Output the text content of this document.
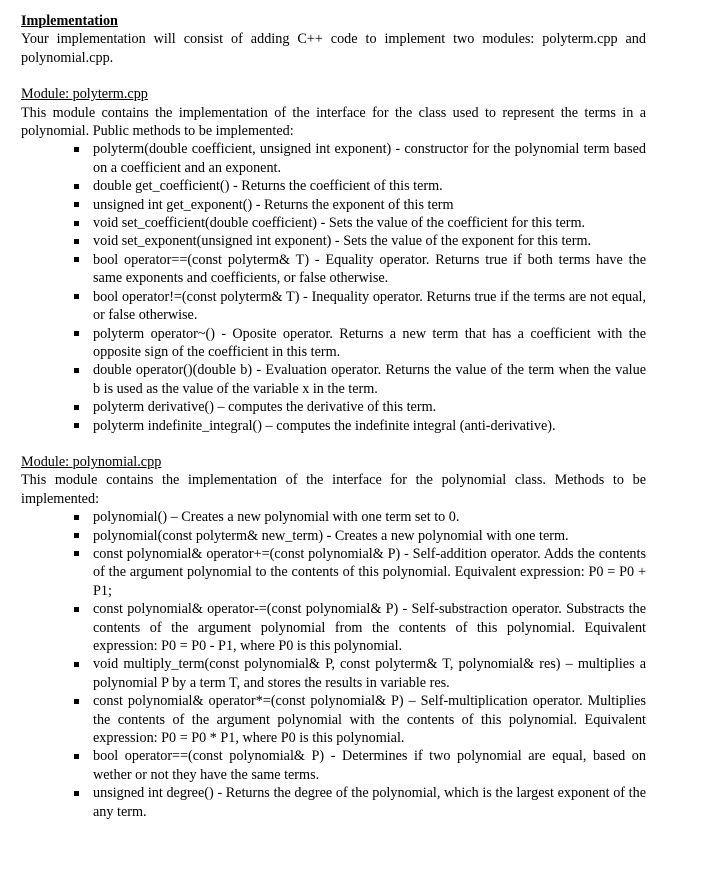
Implementation

Your implementation will consist of adding C++ code to implement two modules: polyterm.cpp and polynomial.cpp.

Module: polyterm.cpp

This module contains the implementation of the interface for the class used to represent the terms in a polynomial. Public methods to be implemented:

polyterm(double coefficient, unsigned int exponent) - constructor for the polynomial term based on a coefficient and an exponent.
double get_coefficient() - Returns the coefficient of this term.
unsigned int get_exponent() - Returns the exponent of this term
void set_coefficient(double coefficient) - Sets the value of the coefficient for this term.
void set_exponent(unsigned int exponent) - Sets the value of the exponent for this term.
bool operator==(const polyterm& T) - Equality operator. Returns true if both terms have the same exponents and coefficients, or false otherwise.
bool operator!=(const polyterm& T) - Inequality operator. Returns true if the terms are not equal, or false otherwise.
polyterm operator~() - Oposite operator. Returns a new term that has a coefficient with the opposite sign of the coefficient in this term.
double operator()(double b) - Evaluation operator. Returns the value of the term when the value b is used as the value of the variable x in the term.
polyterm derivative() – computes the derivative of this term.
polyterm indefinite_integral() – computes the indefinite integral (anti-derivative).

Module: polynomial.cpp

This module contains the implementation of the interface for the polynomial class. Methods to be implemented:

polynomial() – Creates a new polynomial with one term set to 0.
polynomial(const polyterm& new_term) - Creates a new polynomial with one term.
const polynomial& operator+=(const polynomial& P) - Self-addition operator. Adds the contents of the argument polynomial to the contents of this polynomial. Equivalent expression: P0 = P0 + P1;
const polynomial& operator-=(const polynomial& P) - Self-substraction operator. Substracts the contents of the argument polynomial from the contents of this polynomial. Equivalent expression: P0 = P0 - P1, where P0 is this polynomial.
void multiply_term(const polynomial& P, const polyterm& T, polynomial& res) – multiplies a polynomial P by a term T, and stores the results in variable res.
const polynomial& operator*=(const polynomial& P) – Self-multiplication operator. Multiplies the contents of the argument polynomial with the contents of this polynomial. Equivalent expression: P0 = P0 * P1, where P0 is this polynomial.
bool operator==(const polynomial& P) - Determines if two polynomial are equal, based on wether or not they have the same terms.
unsigned int degree() - Returns the degree of the polynomial, which is the largest exponent of the any term.
